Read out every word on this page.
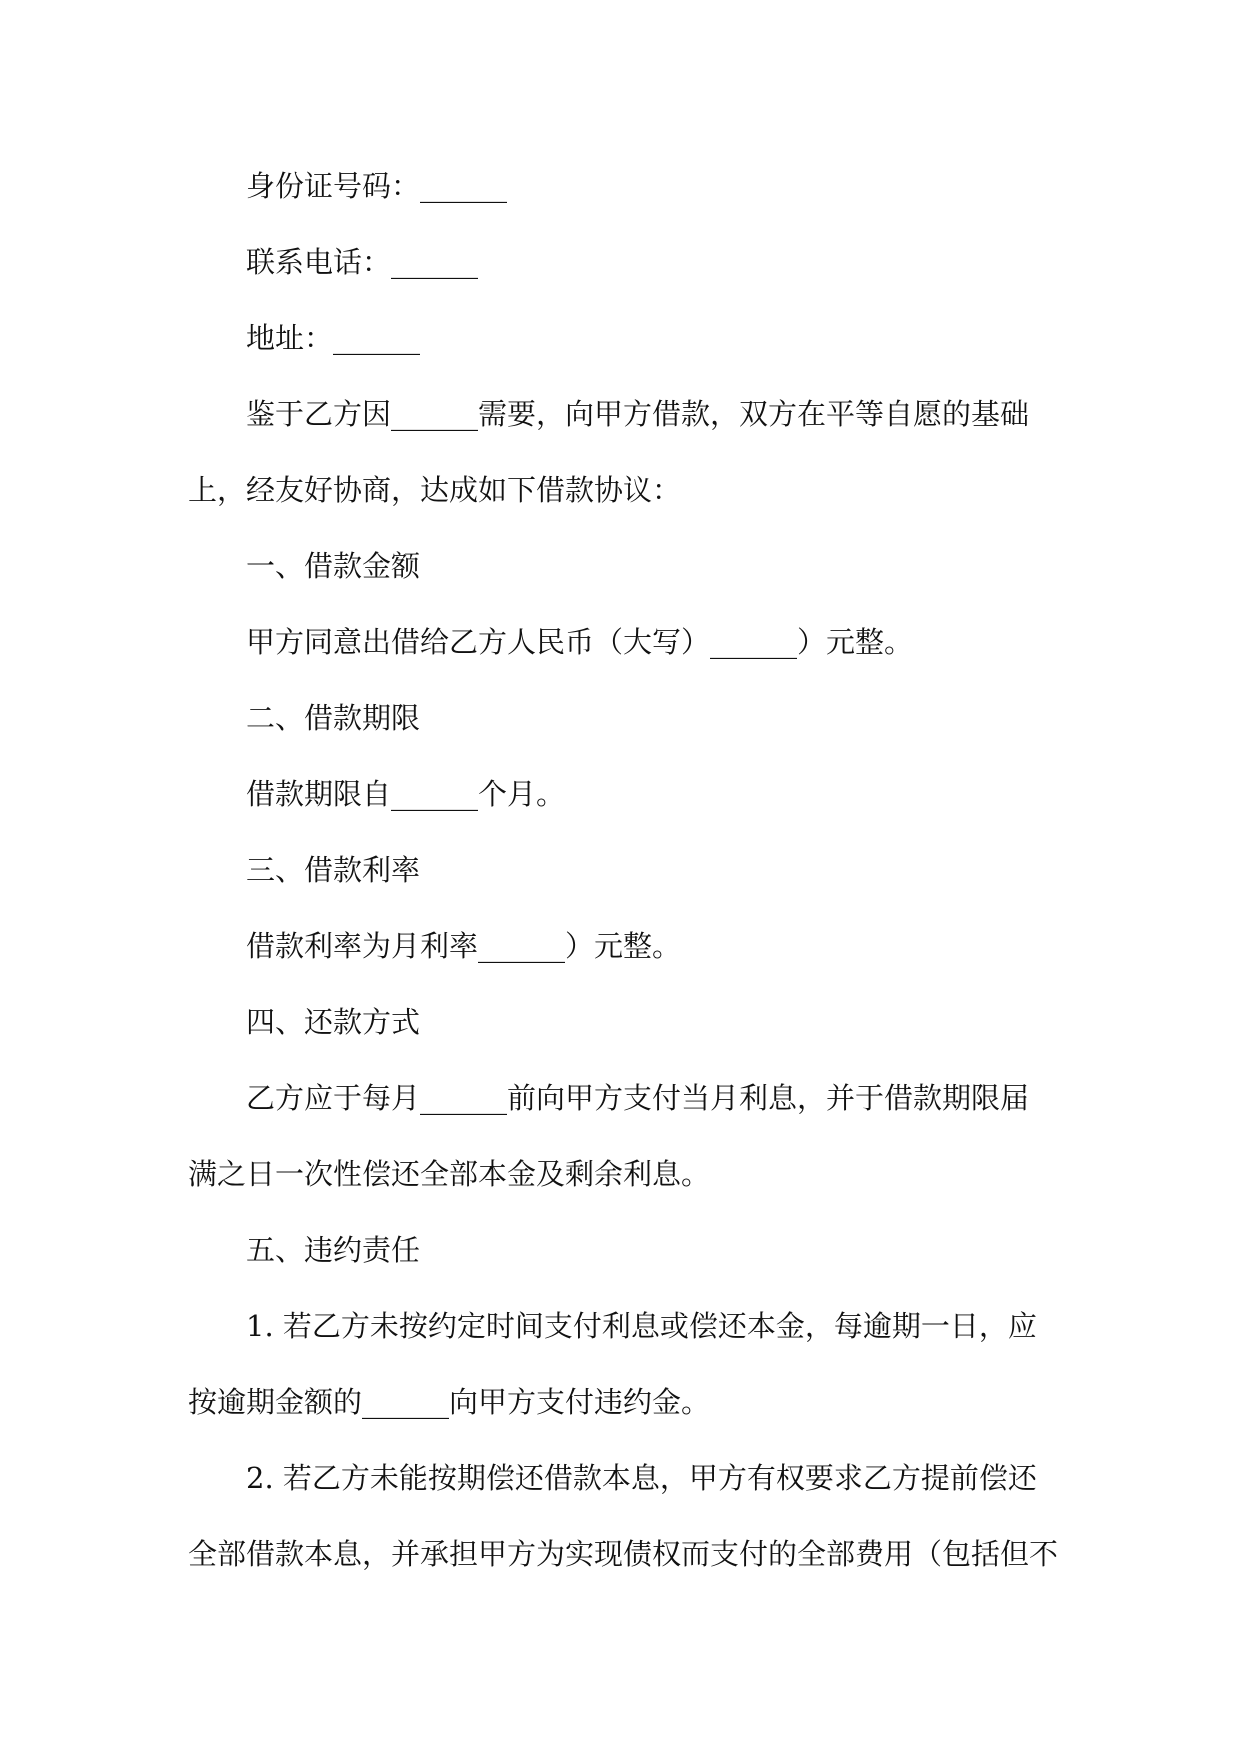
身份证号码：______
联系电话：______
地址：______
鉴于乙方因______需要，向甲方借款，双方在平等自愿的基础
上，经友好协商，达成如下借款协议：
一、借款金额
甲方同意出借给乙方人民币（大写）______）元整。
二、借款期限
借款期限自______个月。
三、借款利率
借款利率为月利率______）元整。
四、还款方式
乙方应于每月______前向甲方支付当月利息，并于借款期限届
满之日一次性偿还全部本金及剩余利息。
五、违约责任
1. 若乙方未按约定时间支付利息或偿还本金，每逾期一日，应
按逾期金额的______向甲方支付违约金。
2. 若乙方未能按期偿还借款本息，甲方有权要求乙方提前偿还
全部借款本息，并承担甲方为实现债权而支付的全部费用（包括但不
